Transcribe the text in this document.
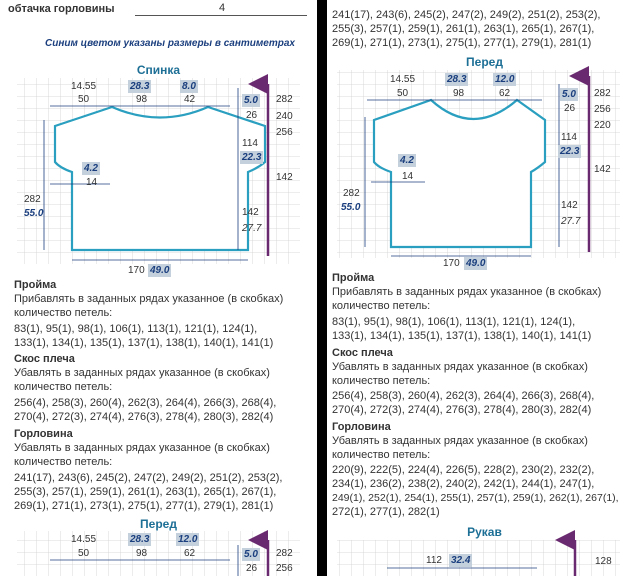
обтачка горловины	4
Синим цветом указаны размеры в сантиметрах
Спинка
14.55
50
28.3
98
8.0
42	5.0
26
114
22.3
142
27.7
4.2
14
282
55.0
170 49.0
282
240
256
142
Пройма
Прибавлять в заданных рядах указанное (в скобках)
количество петель:
83(1), 95(1), 98(1), 106(1), 113(1), 121(1), 124(1),
133(1), 134(1), 135(1), 137(1), 138(1), 140(1), 141(1)
Скос плеча
Убавлять в заданных рядах указанное (в скобках)
количество петель:
256(4), 258(3), 260(4), 262(3), 264(4), 266(3), 268(4),
270(4), 272(3), 274(4), 276(3), 278(4), 280(3), 282(4)
Горловина
Убавлять в заданных рядах указанное (в скобках)
количество петель:
241(17), 243(6), 245(2), 247(2), 249(2), 251(2), 253(2),
255(3), 257(1), 259(1), 261(1), 263(1), 265(1), 267(1),
269(1), 271(1), 273(1), 275(1), 277(1), 279(1), 281(1)
Перед
14.55
50
28.3
98
12.0
62	5.0
26
282
256
241(17), 243(6), 245(2), 247(2), 249(2), 251(2), 253(2),
255(3), 257(1), 259(1), 261(1), 263(1), 265(1), 267(1),
269(1), 271(1), 273(1), 275(1), 277(1), 279(1), 281(1)
Перед
14.55
50
28.3
98
12.0
62	5.0
26
114
22.3
142
27.7
4.2
14
282
55.0
170 49.0
282
256
220
142
Пройма
Прибавлять в заданных рядах указанное (в скобках)
количество петель:
83(1), 95(1), 98(1), 106(1), 113(1), 121(1), 124(1),
133(1), 134(1), 135(1), 137(1), 138(1), 140(1), 141(1)
Скос плеча
Убавлять в заданных рядах указанное (в скобках)
количество петель:
256(4), 258(3), 260(4), 262(3), 264(4), 266(3), 268(4),
270(4), 272(3), 274(4), 276(3), 278(4), 280(3), 282(4)
Горловина
Убавлять в заданных рядах указанное (в скобках)
количество петель:
220(9), 222(5), 224(4), 226(5), 228(2), 230(2), 232(2),
234(1), 236(2), 238(2), 240(2), 242(1), 244(1), 247(1),
249(1), 252(1), 254(1), 255(1), 257(1), 259(1), 262(1), 267(1),
272(1), 277(1), 282(1)
Рукав
112 32.4	128
